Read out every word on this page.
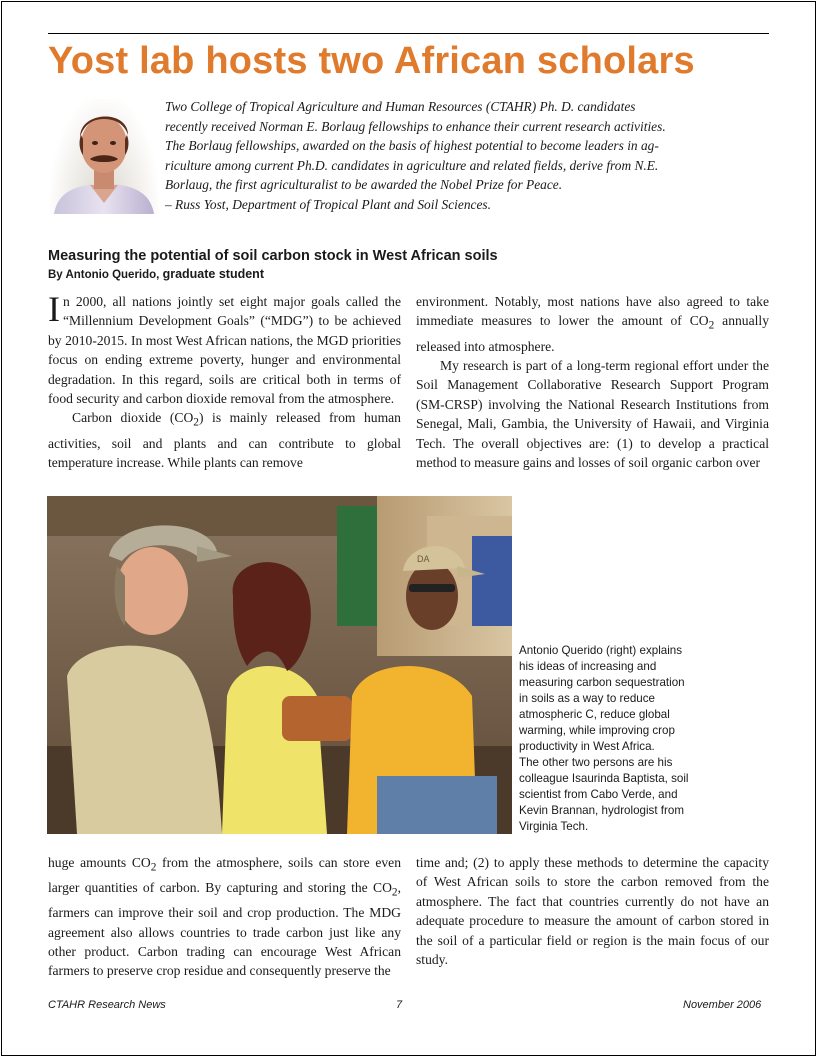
Yost lab hosts two African scholars
Two College of Tropical Agriculture and Human Resources (CTAHR) Ph. D. candidates
recently received Norman E. Borlaug fellowships to enhance their current research activities.
The Borlaug fellowships, awarded on the basis of highest potential to become leaders in ag-
riculture among current Ph.D. candidates in agriculture and related fields, derive from N.E.
Borlaug, the first agriculturalist to be awarded the Nobel Prize for Peace.
– Russ Yost, Department of Tropical Plant and Soil Sciences.
Measuring the potential of soil carbon stock in West African soils

By Antonio Querido, graduate student

In 2000, all nations jointly set eight major goals called the “Millennium Development Goals” (“MDG”) to be achieved by 2010-2015. In most West African nations, the MGD priorities focus on ending extreme poverty, hunger and environmental degradation. In this regard, soils are critical both in terms of food security and carbon dioxide removal from the atmosphere.

Carbon dioxide $(CO_2)$ is mainly released from human activities, soil and plants and can contribute to global temperature increase. While plants can remove

environment. Notably, most nations have also agreed to take immediate measures to lower the amount of $CO_2$ annually released into atmosphere.

My research is part of a long-term regional effort under the Soil Management Collaborative Research Support Program (SM-CRSP) involving the National Research Institutions from Senegal, Mali, Gambia, the University of Hawaii, and Virginia Tech. The overall objectives are: (1) to develop a practical method to measure gains and losses of soil organic carbon over

DA
Antonio Querido (right) explains
his ideas of increasing and
measuring carbon sequestration
in soils as a way to reduce
atmospheric C, reduce global
warming, while improving crop
productivity in West Africa.
The other two persons are his
colleague Isaurinda Baptista, soil
scientist from Cabo Verde, and
Kevin Brannan, hydrologist from
Virginia Tech.

huge amounts $CO_2$ from the atmosphere, soils can store even larger quantities of carbon. By capturing and storing the $CO_2$, farmers can improve their soil and crop production. The MDG agreement also allows countries to trade carbon just like any other product. Carbon trading can encourage West African farmers to preserve crop residue and consequently preserve the

time and; (2) to apply these methods to determine the capacity of West African soils to store the carbon removed from the atmosphere. The fact that countries currently do not have an adequate procedure to measure the amount of carbon stored in the soil of a particular field or region is the main focus of our study.

CTAHR Research News	7	November 2006
